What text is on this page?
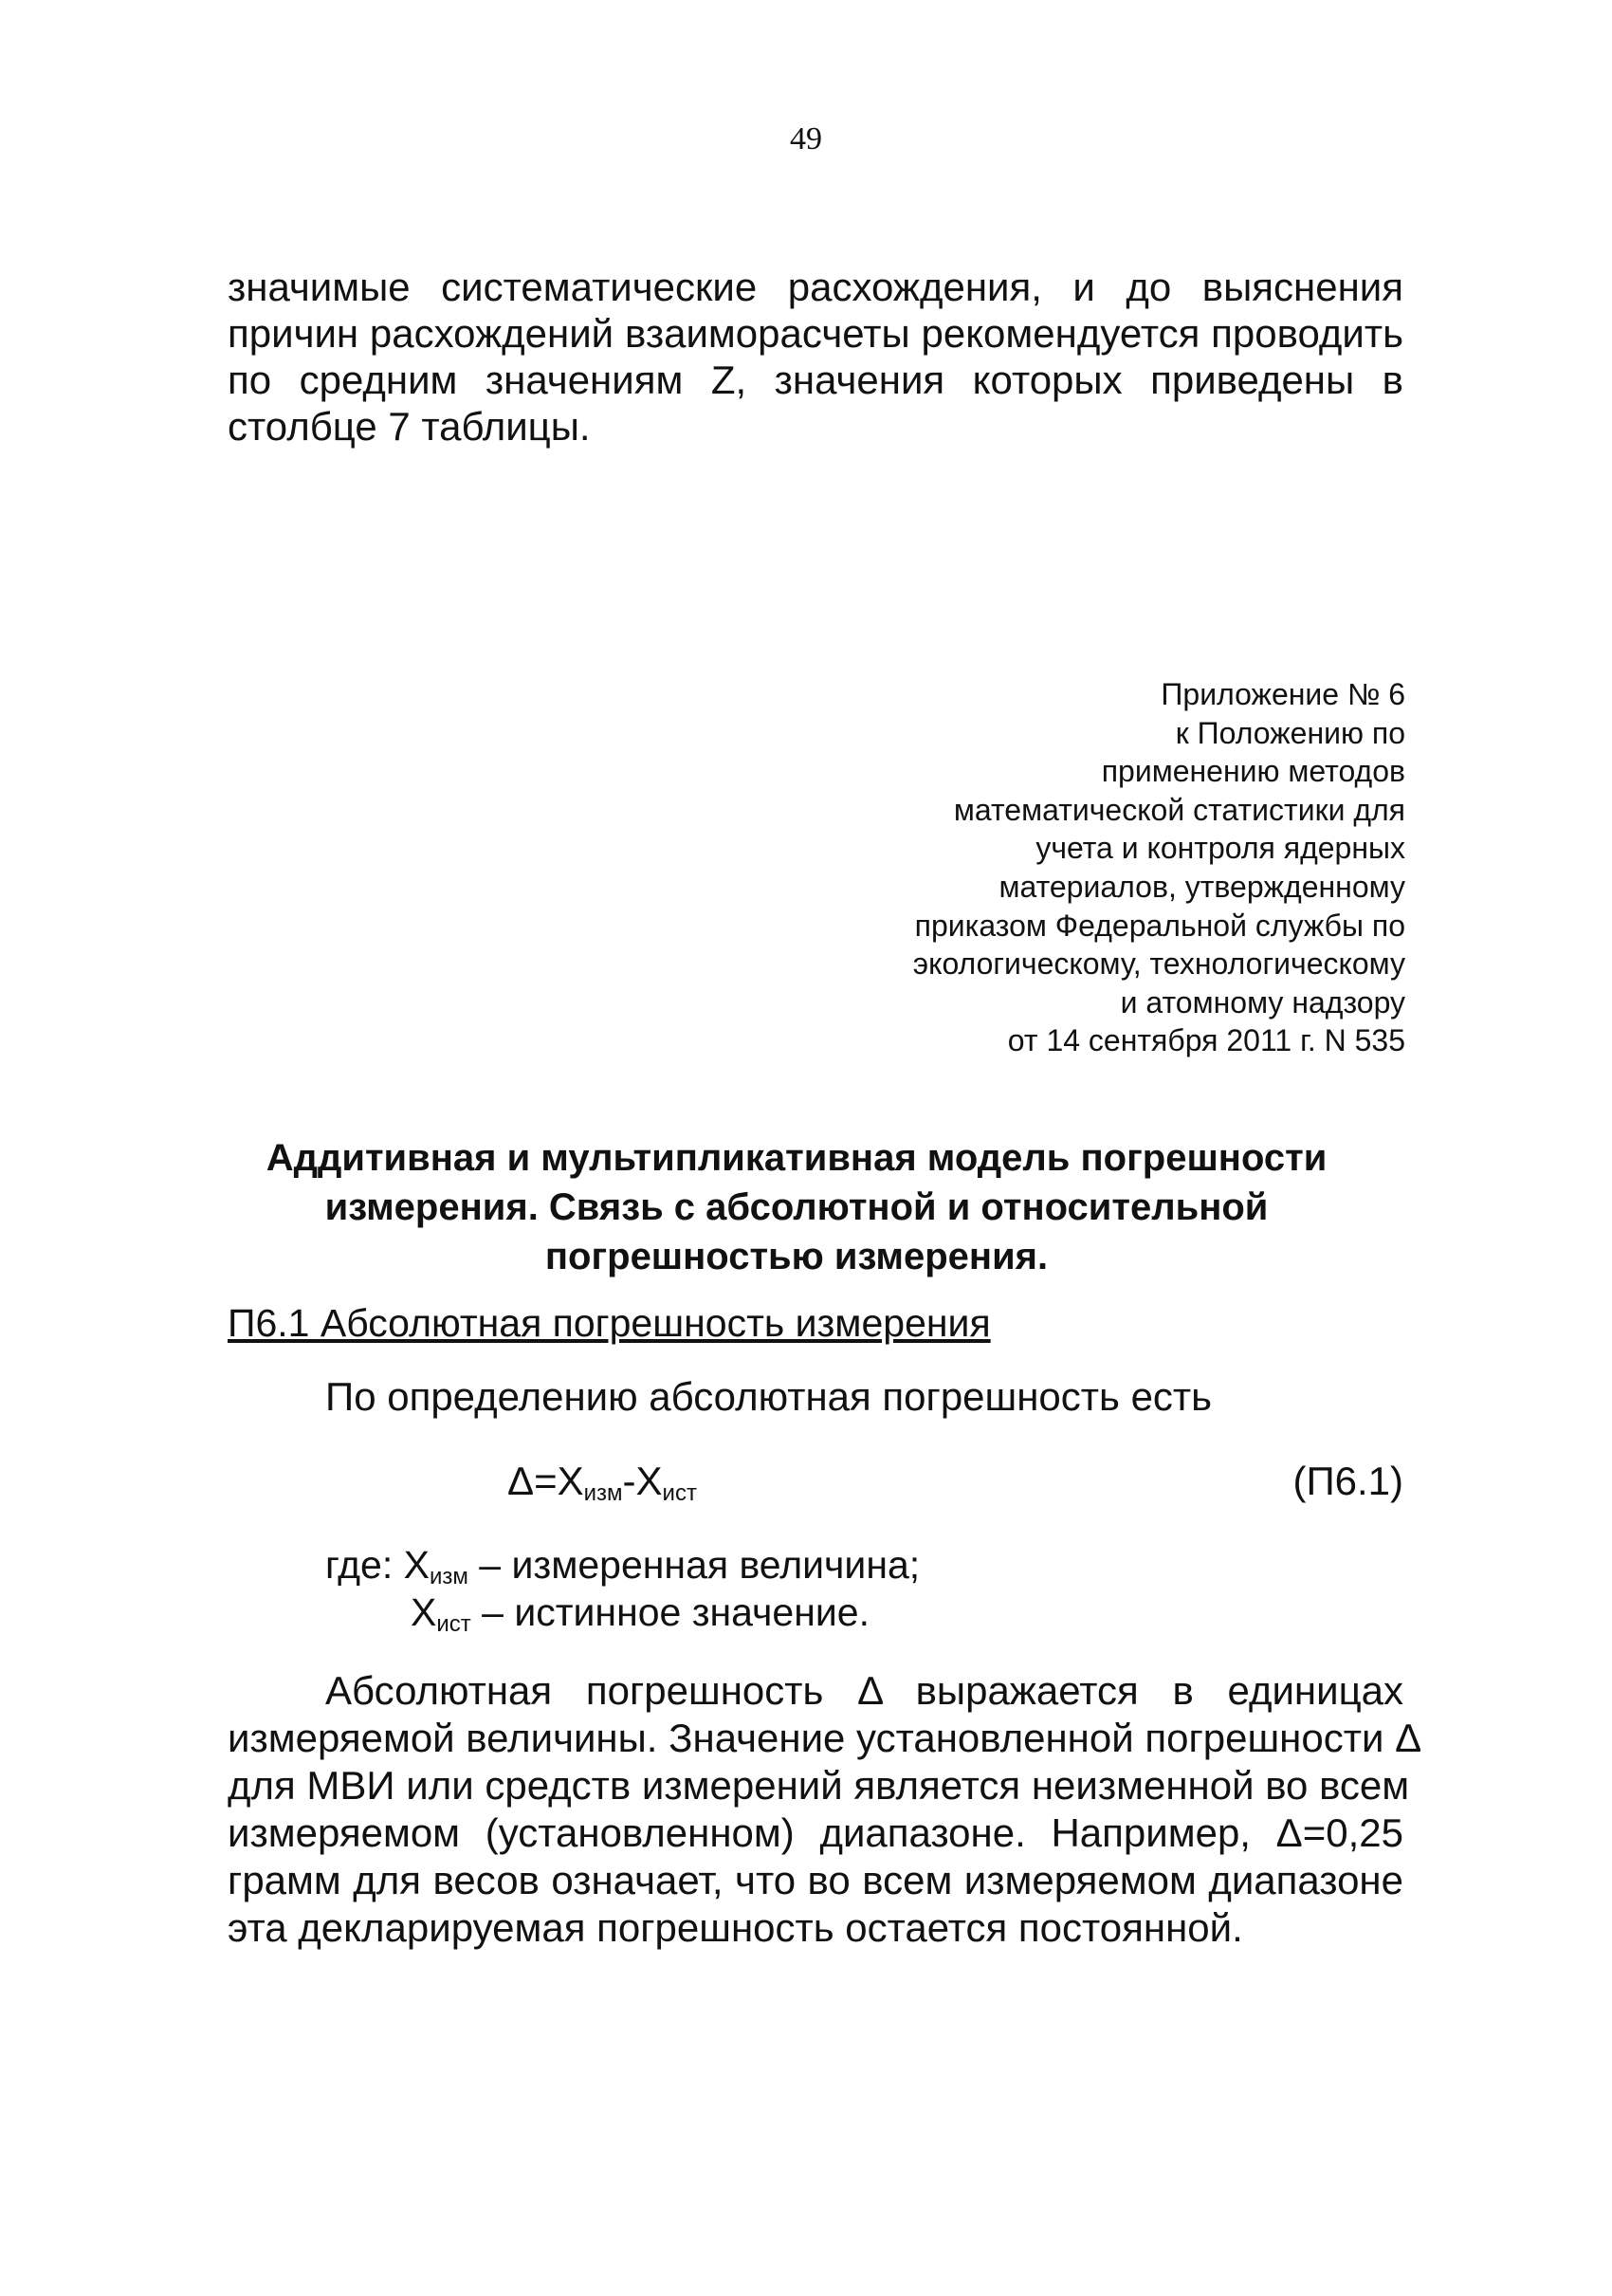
49
значимые систематические расхождения, и до выяснения
причин расхождений взаиморасчеты рекомендуется проводить
по средним значениям Z, значения которых приведены в
столбце 7 таблицы.
Приложение № 6
к Положению по
применению методов
математической статистики для
учета и контроля ядерных
материалов, утвержденному
приказом Федеральной службы по
экологическому, технологическому
и атомному надзору
от 14 сентября 2011 г. N 535
Аддитивная и мультипликативная модель погрешности
измерения. Связь с абсолютной и относительной
погрешностью измерения.
П6.1 Абсолютная погрешность измерения
По определению абсолютная погрешность есть
$\Delta=X_{изм}-X_{ист}$	(П6.1)
где: $X_{изм}$ – измеренная величина;
$X_{ист}$ – истинное значение.
Абсолютная погрешность Δ выражается в единицах
измеряемой величины. Значение установленной погрешности Δ
для МВИ или средств измерений является неизменной во всем
измеряемом (установленном) диапазоне. Например, Δ=0,25
грамм для весов означает, что во всем измеряемом диапазоне
эта декларируемая погрешность остается постоянной.
